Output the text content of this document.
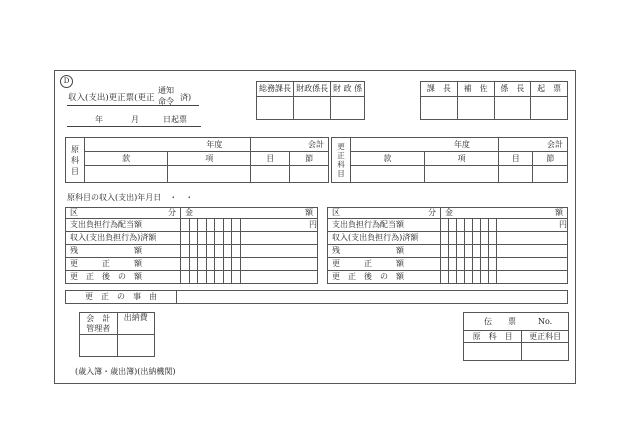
D
収入(支出)更正票(更正
通知
命令 済)
年	月	日起票
総務課長	財政係長	財 政 係
			課　長	補　佐	係　長	起　票

原
科
目	年度		会計	
	款	項	目	節

更
正
科
目	年度		会計	
	款	項	目	節

原科目の収入(支出)年月日　・　・
区 分	金 額							

支出負担行為配当額								円

収入(支出負担行為)済額								
残　　　　　　　額								
更　　　正　　　額								
更　正　後　の　額								
区 分	金 額							

支出負担行為配当額								円

収入(支出負担行為)済額								
残　　　　　　　額								
更　　　正　　　額								
更　正　後　の　額								
更　正　の　事　由	
会　計
管理者	出納費
		伝　　票 No.	
原　科　目	更正科目

(歳入簿・歳出簿)(出納機関)
